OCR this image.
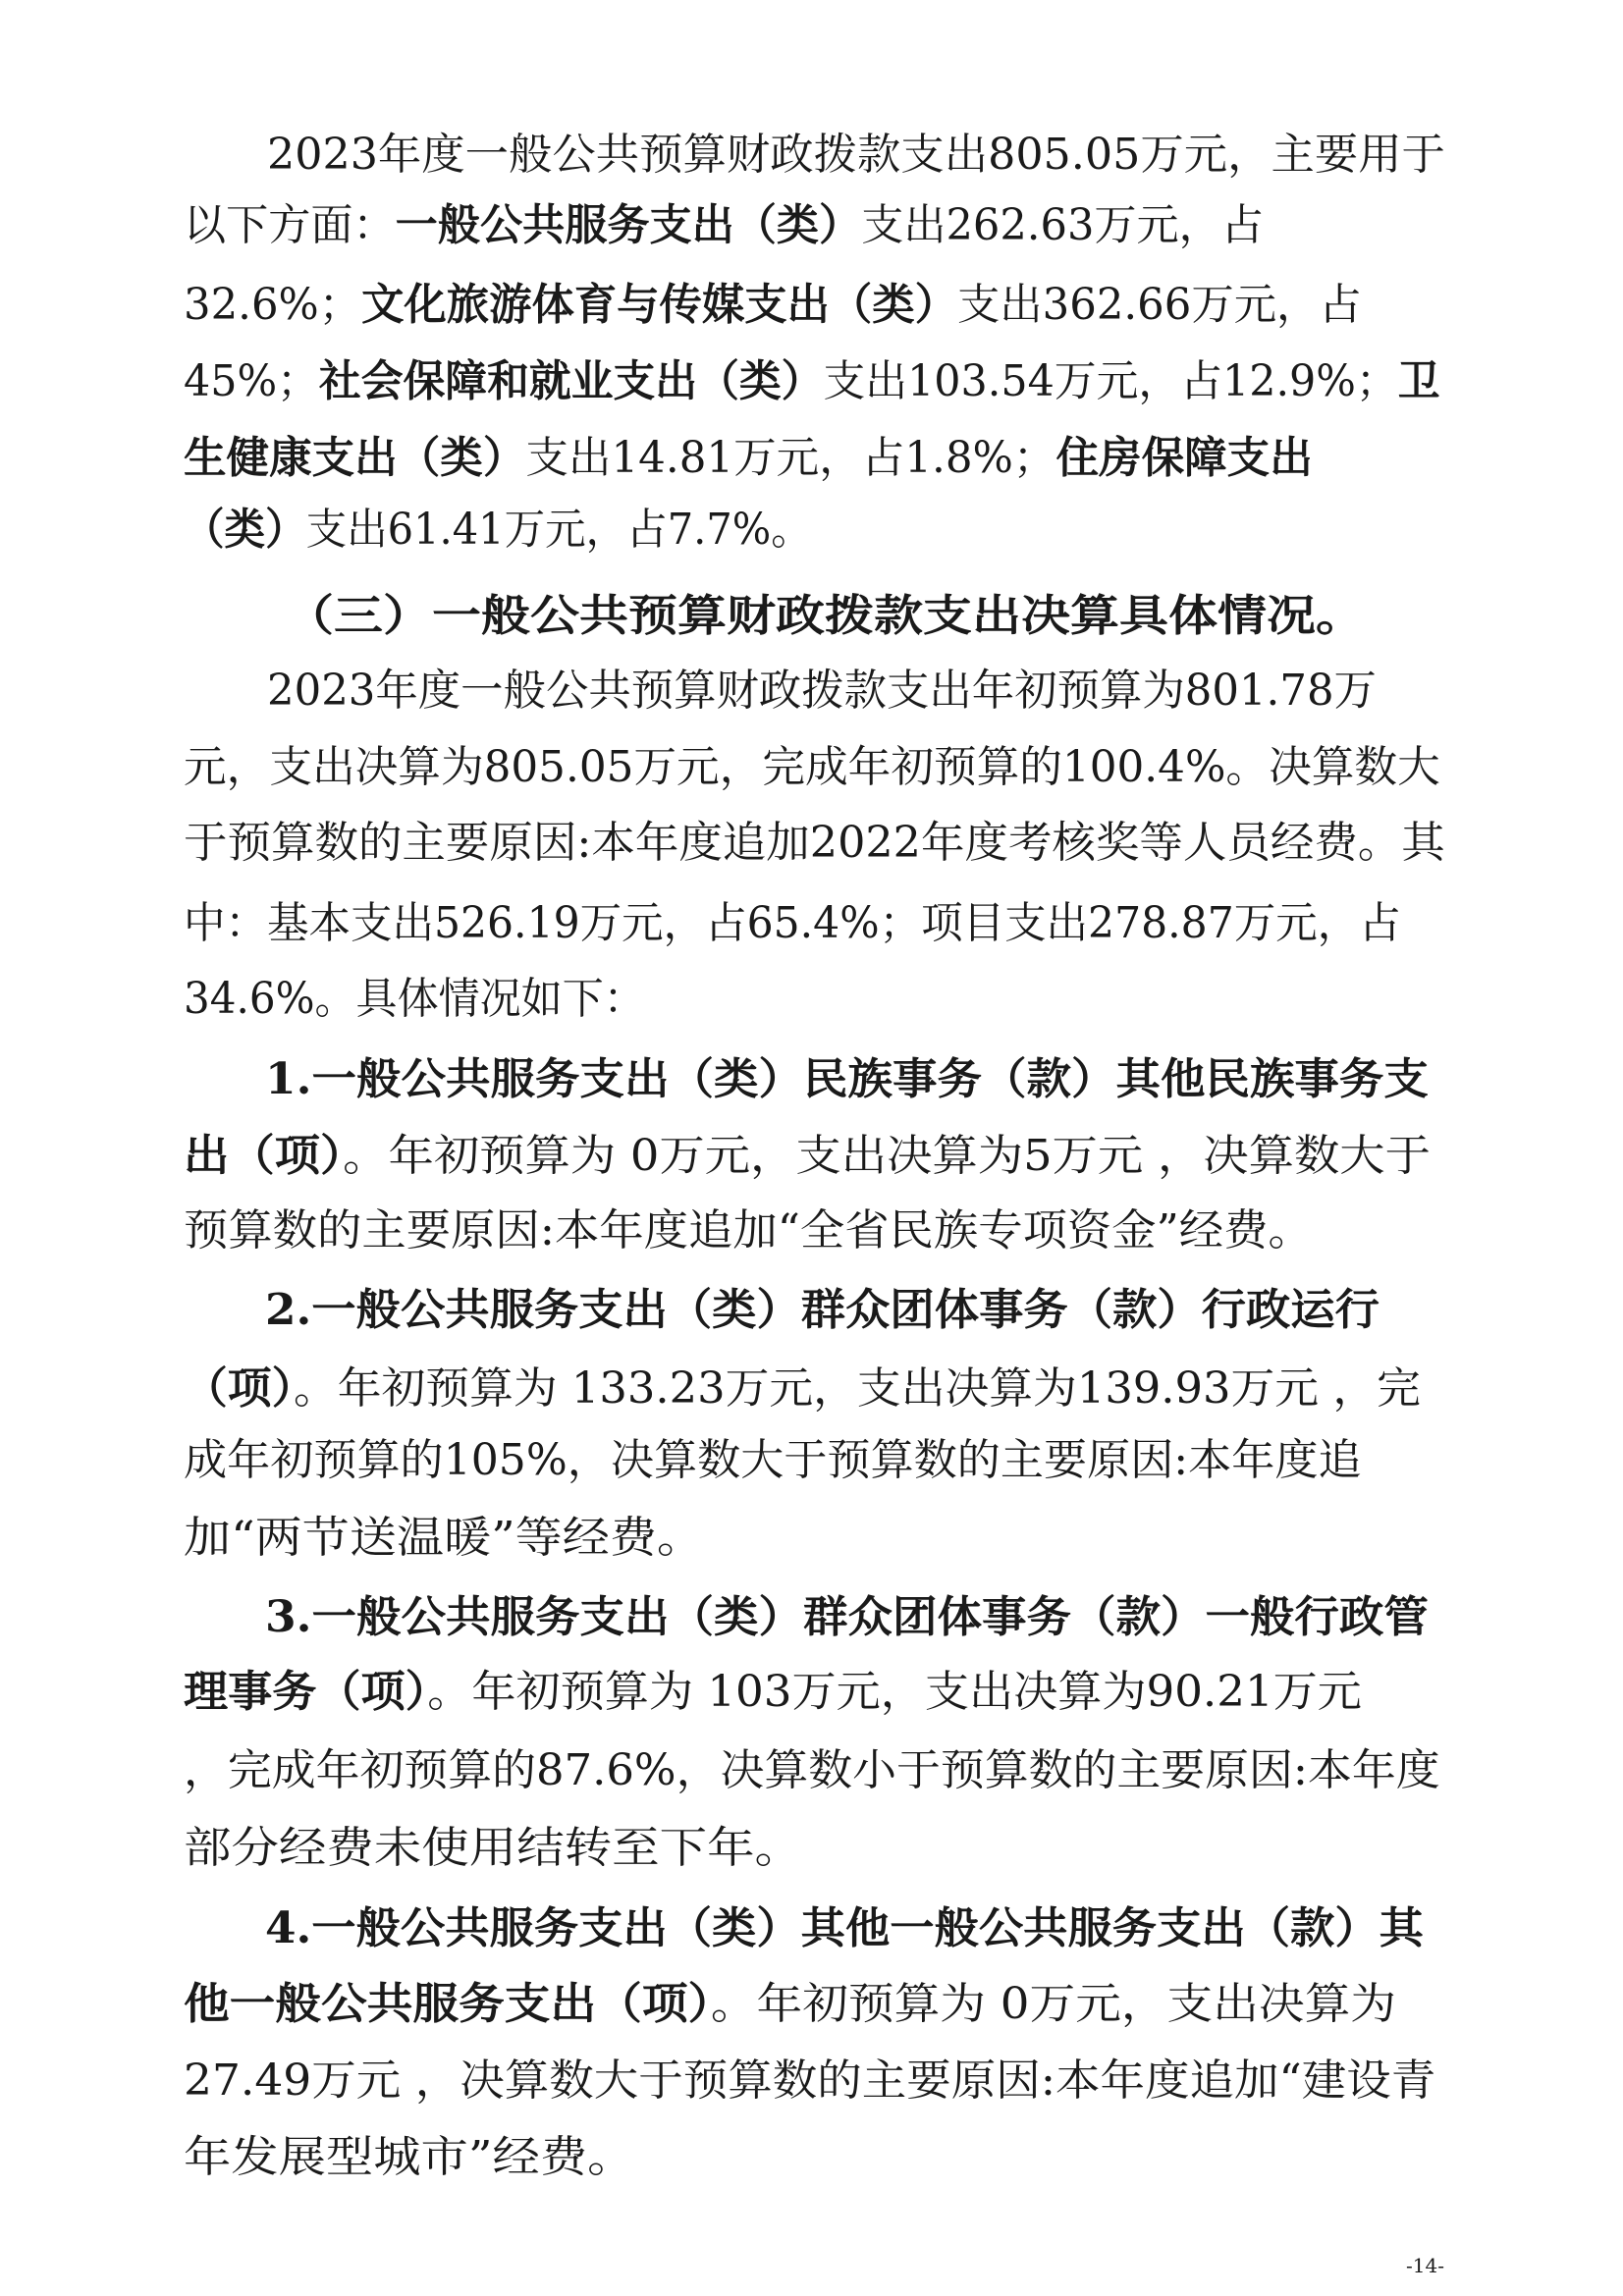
2023年度一般公共预算财政拨款支出805.05万元，主要用于
以下方面：一般公共服务支出（类）支出262.63万元，占
32.6%；文化旅游体育与传媒支出（类）支出362.66万元，占
45%；社会保障和就业支出（类）支出103.54万元，占12.9%；卫
生健康支出（类）支出14.81万元，占1.8%；住房保障支出
（类）支出61.41万元，占7.7%。
（三）一般公共预算财政拨款支出决算具体情况。
2023年度一般公共预算财政拨款支出年初预算为801.78万
元，支出决算为805.05万元，完成年初预算的100.4%。决算数大
于预算数的主要原因:本年度追加2022年度考核奖等人员经费。其
中：基本支出526.19万元，占65.4%；项目支出278.87万元，占
34.6%。具体情况如下：
1.一般公共服务支出（类）民族事务（款）其他民族事务支
出（项）。年初预算为 0万元，支出决算为5万元 ，决算数大于
预算数的主要原因:本年度追加“全省民族专项资金”经费。
2.一般公共服务支出（类）群众团体事务（款）行政运行
（项）。年初预算为 133.23万元，支出决算为139.93万元 ，完
成年初预算的105%，决算数大于预算数的主要原因:本年度追
加“两节送温暖”等经费。
3.一般公共服务支出（类）群众团体事务（款）一般行政管
理事务（项）。年初预算为 103万元，支出决算为90.21万元
，完成年初预算的87.6%，决算数小于预算数的主要原因:本年度
部分经费未使用结转至下年。
4.一般公共服务支出（类）其他一般公共服务支出（款）其
他一般公共服务支出（项）。年初预算为 0万元，支出决算为
27.49万元 ，决算数大于预算数的主要原因:本年度追加“建设青
年发展型城市”经费。
-14-
